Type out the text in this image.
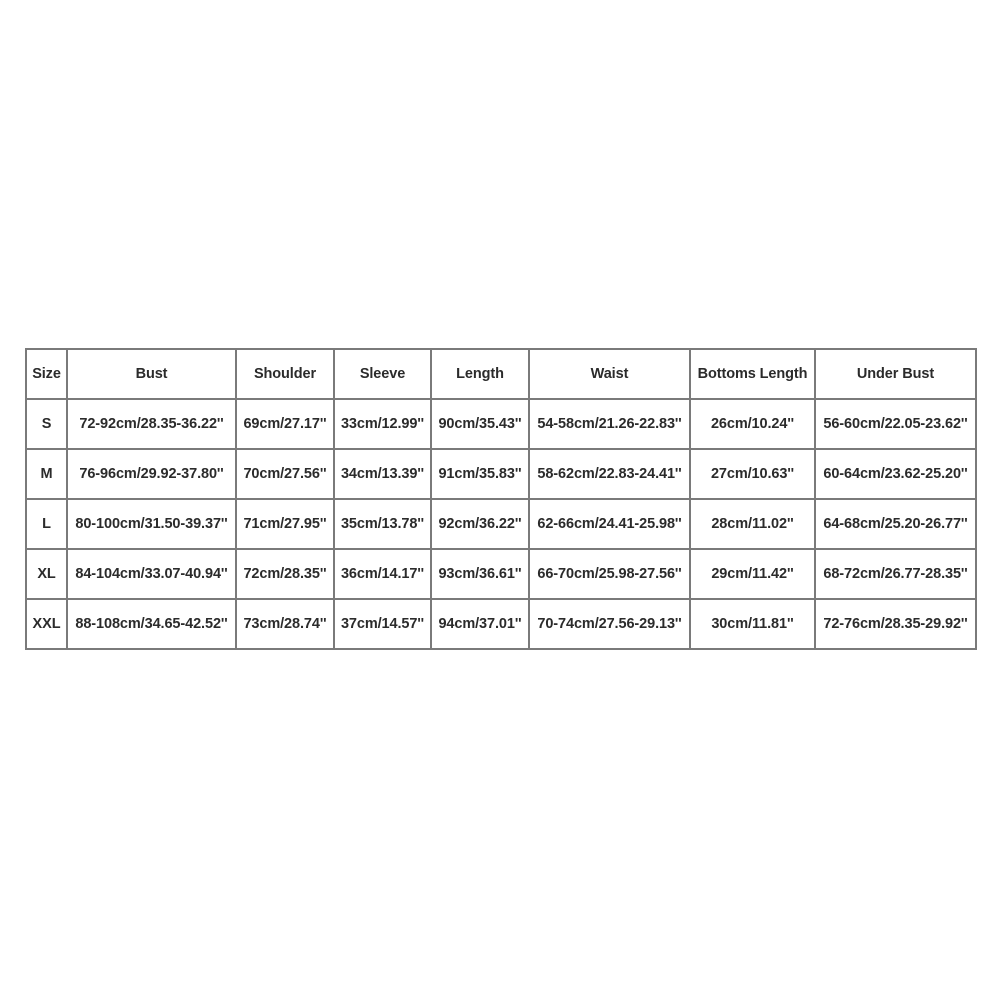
Size	Bust	Shoulder	Sleeve	Length	Waist	Bottoms Length	Under Bust
S	72-92cm/28.35-36.22''	69cm/27.17''	33cm/12.99''	90cm/35.43''	54-58cm/21.26-22.83''	26cm/10.24''	56-60cm/22.05-23.62''
M	76-96cm/29.92-37.80''	70cm/27.56''	34cm/13.39''	91cm/35.83''	58-62cm/22.83-24.41''	27cm/10.63''	60-64cm/23.62-25.20''
L	80-100cm/31.50-39.37''	71cm/27.95''	35cm/13.78''	92cm/36.22''	62-66cm/24.41-25.98''	28cm/11.02''	64-68cm/25.20-26.77''
XL	84-104cm/33.07-40.94''	72cm/28.35''	36cm/14.17''	93cm/36.61''	66-70cm/25.98-27.56''	29cm/11.42''	68-72cm/26.77-28.35''
XXL	88-108cm/34.65-42.52''	73cm/28.74''	37cm/14.57''	94cm/37.01''	70-74cm/27.56-29.13''	30cm/11.81''	72-76cm/28.35-29.92''
